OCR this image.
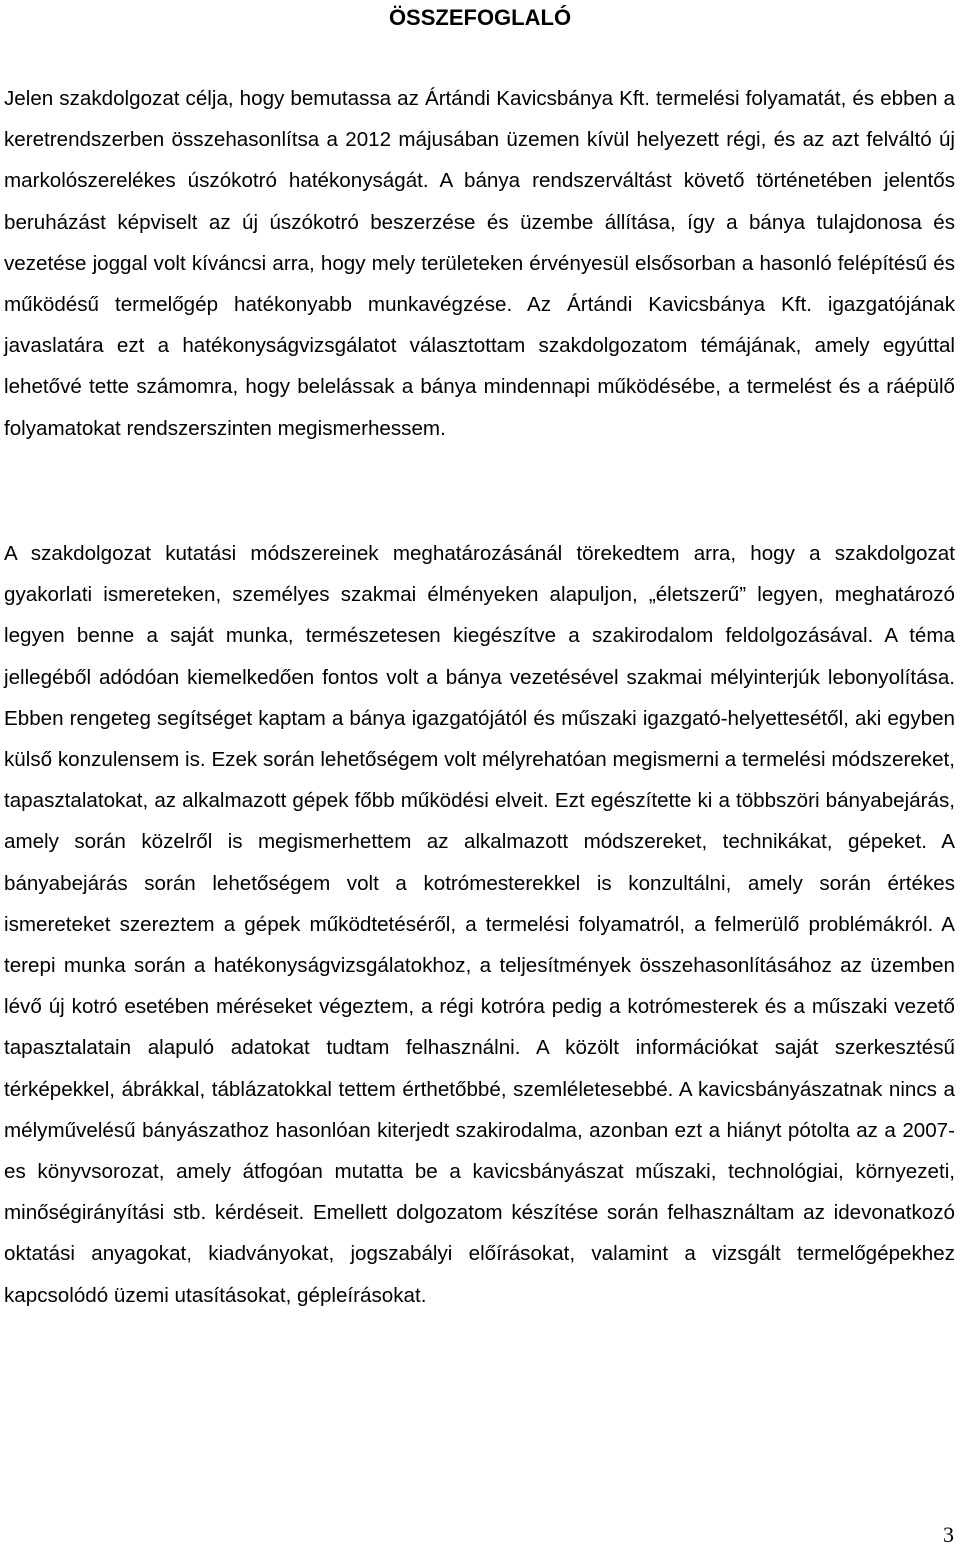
ÖSSZEFOGLALÓ

Jelen szakdolgozat célja, hogy bemutassa az Ártándi Kavicsbánya Kft. termelési folyamatát, és ebben a keretrendszerben összehasonlítsa a 2012 májusában üzemen kívül helyezett régi, és az azt felváltó új markolószerelékes úszókotró hatékonyságát. A bánya rendszerváltást követő történetében jelentős beruházást képviselt az új úszókotró beszerzése és üzembe állítása, így a bánya tulajdonosa és vezetése joggal volt kíváncsi arra, hogy mely területeken érvényesül elsősorban a hasonló felépítésű és működésű termelőgép hatékonyabb munkavégzése. Az Ártándi Kavicsbánya Kft. igazgatójának javaslatára ezt a hatékonyságvizsgálatot választottam szakdolgozatom témájának, amely egyúttal lehetővé tette számomra, hogy belelássak a bánya mindennapi működésébe, a termelést és a ráépülő folyamatokat rendszerszinten megismerhessem.

A szakdolgozat kutatási módszereinek meghatározásánál törekedtem arra, hogy a szakdolgozat gyakorlati ismereteken, személyes szakmai élményeken alapuljon, „életszerű” legyen, meghatározó legyen benne a saját munka, természetesen kiegészítve a szakirodalom feldolgozásával. A téma jellegéből adódóan kiemelkedően fontos volt a bánya vezetésével szakmai mélyinterjúk lebonyolítása. Ebben rengeteg segítséget kaptam a bánya igazgatójától és műszaki igazgató-helyettesétől, aki egyben külső konzulensem is. Ezek során lehetőségem volt mélyrehatóan megismerni a termelési módszereket, tapasztalatokat, az alkalmazott gépek főbb működési elveit. Ezt egészítette ki a többszöri bányabejárás, amely során közelről is megismerhettem az alkalmazott módszereket, technikákat, gépeket. A bányabejárás során lehetőségem volt a kotrómesterekkel is konzultálni, amely során értékes ismereteket szereztem a gépek működtetéséről, a termelési folyamatról, a felmerülő problémákról. A terepi munka során a hatékonyságvizsgálatokhoz, a teljesítmények összehasonlításához az üzemben lévő új kotró esetében méréseket végeztem, a régi kotróra pedig a kotrómesterek és a műszaki vezető tapasztalatain alapuló adatokat tudtam felhasználni. A közölt információkat saját szerkesztésű térképekkel, ábrákkal, táblázatokkal tettem érthetőbbé, szemléletesebbé. A kavicsbányászatnak nincs a mélyművelésű bányászathoz hasonlóan kiterjedt szakirodalma, azonban ezt a hiányt pótolta az a 2007-es könyvsorozat, amely átfogóan mutatta be a kavicsbányászat műszaki, technológiai, környezeti, minőségirányítási stb. kérdéseit. Emellett dolgozatom készítése során felhasználtam az idevonatkozó oktatási anyagokat, kiadványokat, jogszabályi előírásokat, valamint a vizsgált termelőgépekhez kapcsolódó üzemi utasításokat, gépleírásokat.

3
